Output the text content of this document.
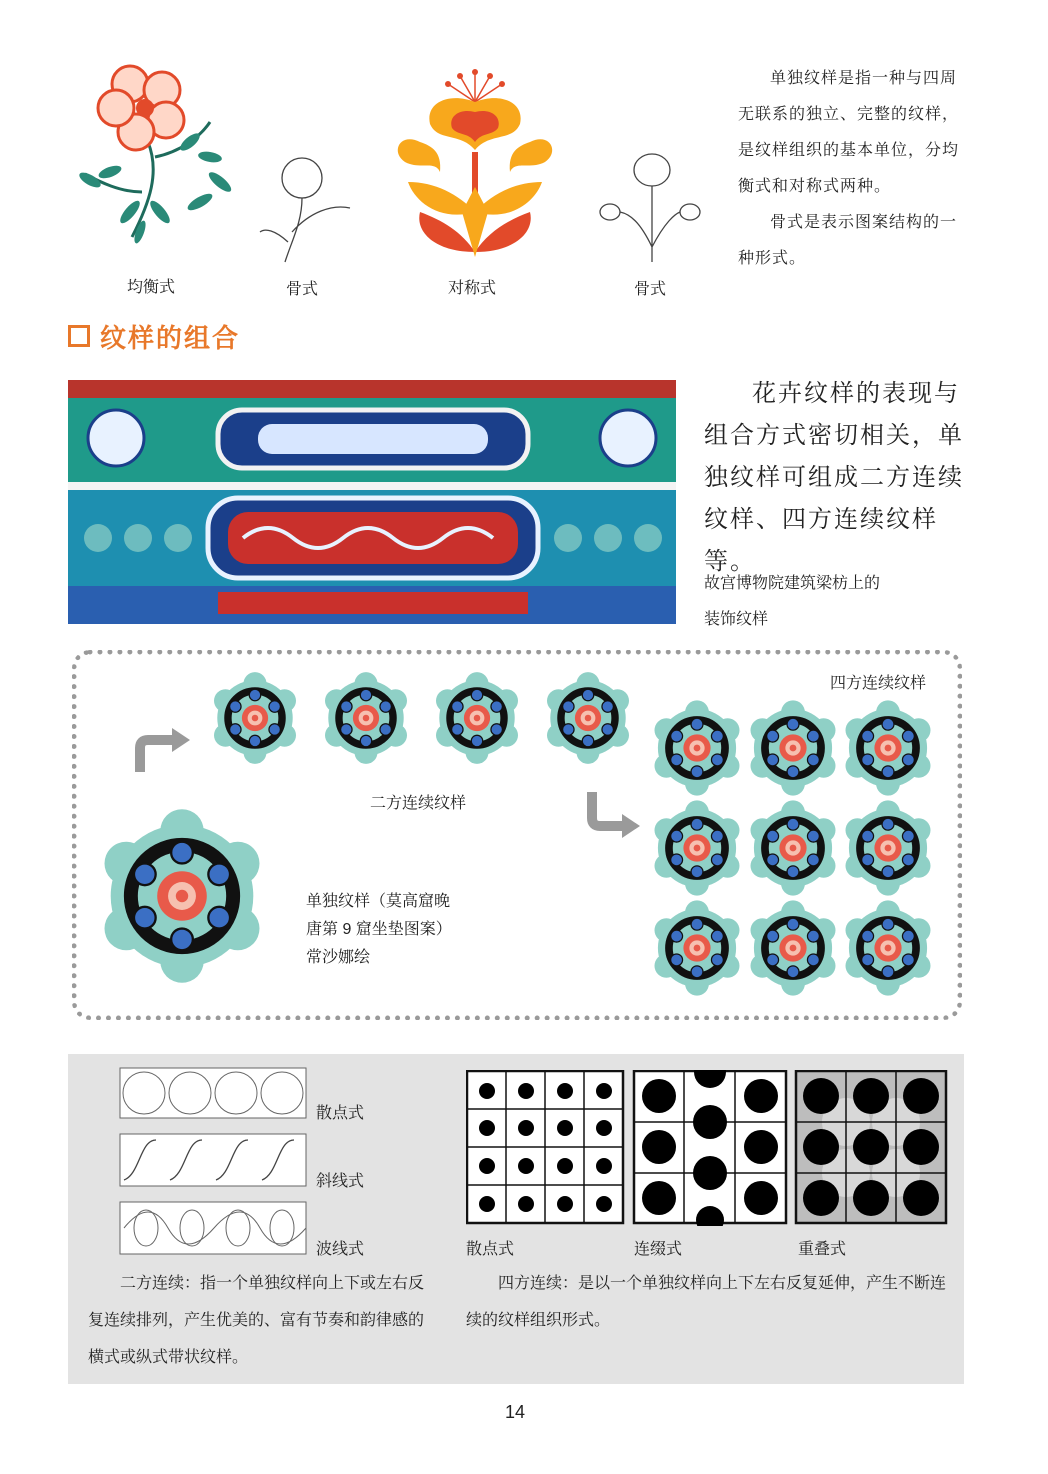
均衡式	骨式	对称式	骨式

单独纹样是指一种与四周无联系的独立、完整的纹样，是纹样组织的基本单位，分均衡式和对称式两种。

骨式是表示图案结构的一种形式。

纹样的组合

花卉纹样的表现与组合方式密切相关，单独纹样可组成二方连续纹样、四方连续纹样等。

故宫博物院建筑梁枋上的
装饰纹样
四方连续纹样
二方连续纹样
单独纹样（莫高窟晚
唐第 9 窟坐垫图案）
常沙娜绘
散点式
斜线式
波线式	散点式	连缀式	重叠式
二方连续：指一个单独纹样向上下或左右反复连续排列，产生优美的、富有节奏和韵律感的横式或纵式带状纹样。
四方连续：是以一个单独纹样向上下左右反复延伸，产生不断连续的纹样组织形式。
14
